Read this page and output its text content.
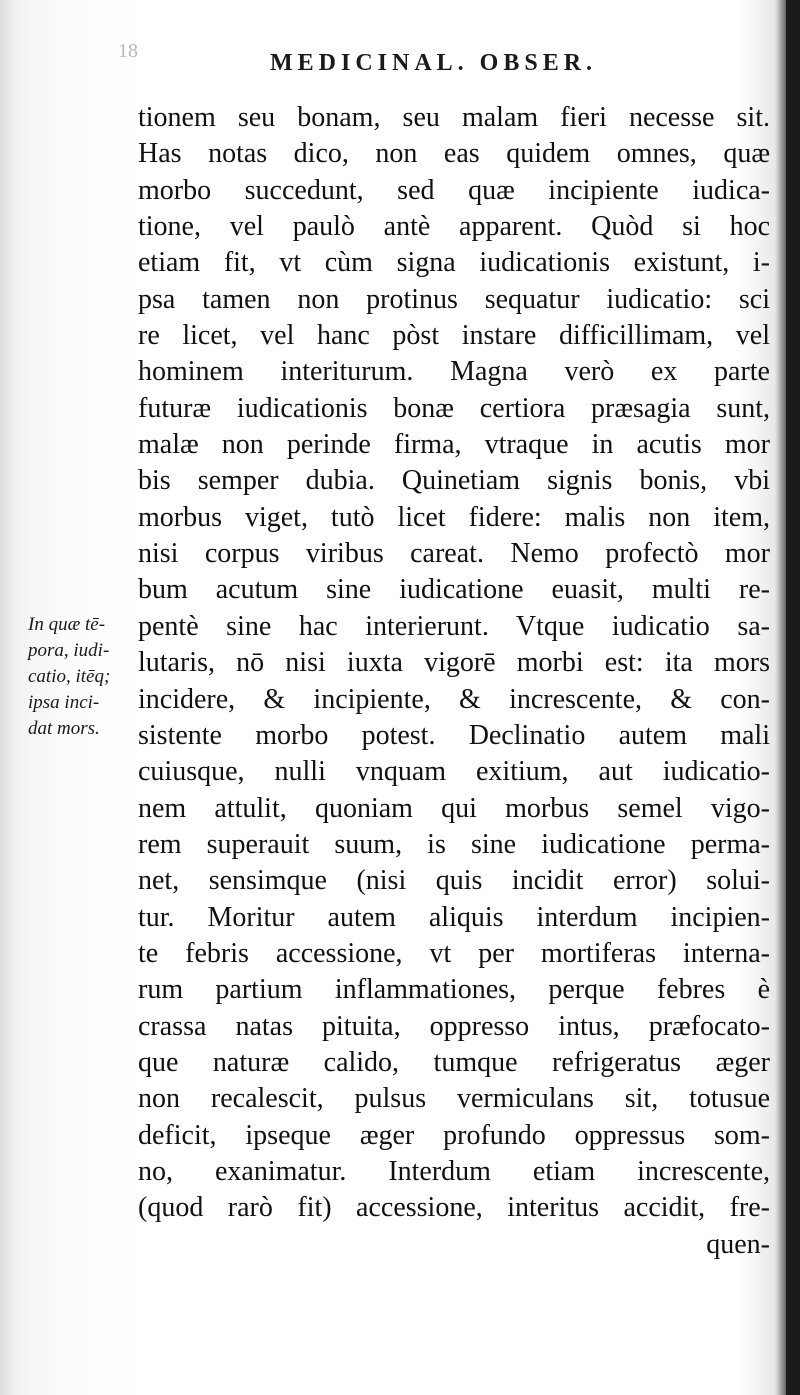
18	MEDICINAL. OBSER.
In quæ tē-
pora, iudi-
catio, itēq;
ipsa inci-
dat mors.
tionem seu bonam, seu malam fieri necesse sit.
Has notas dico, non eas quidem omnes, quæ
morbo succedunt, sed quæ incipiente iudica-
tione, vel paulò antè apparent. Quòd si hoc
etiam fit, vt cùm signa iudicationis existunt, i-
psa tamen non protinus sequatur iudicatio: sci
re licet, vel hanc pòst instare difficillimam, vel
hominem interiturum. Magna verò ex parte
futuræ iudicationis bonæ certiora præsagia sunt,
malæ non perinde firma, vtraque in acutis mor
bis semper dubia. Quinetiam signis bonis, vbi
morbus viget, tutò licet fidere: malis non item,
nisi corpus viribus careat. Nemo profectò mor
bum acutum sine iudicatione euasit, multi re-
pentè sine hac interierunt. Vtque iudicatio sa-
lutaris, nō nisi iuxta vigorē morbi est: ita mors
incidere, & incipiente, & increscente, & con-
sistente morbo potest. Declinatio autem mali
cuiusque, nulli vnquam exitium, aut iudicatio-
nem attulit, quoniam qui morbus semel vigo-
rem superauit suum, is sine iudicatione perma-
net, sensimque (nisi quis incidit error) solui-
tur. Moritur autem aliquis interdum incipien-
te febris accessione, vt per mortiferas interna-
rum partium inflammationes, perque febres è
crassa natas pituita, oppresso intus, præfocato-
que naturæ calido, tumque refrigeratus æger
non recalescit, pulsus vermiculans sit, totusue
deficit, ipseque æger profundo oppressus som-
no, exanimatur. Interdum etiam increscente,
(quod rarò fit) accessione, interitus accidit, fre-
quen-
